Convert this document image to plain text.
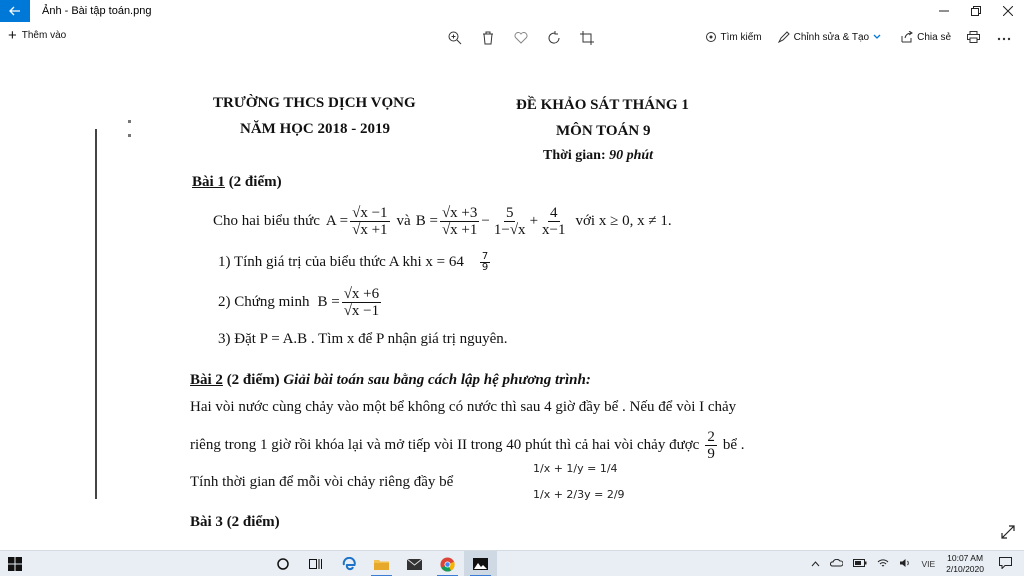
Ảnh - Bài tập toán.png
+ Thêm vào	Tìm kiếm	Chỉnh sửa & Tạo	Chia sẻ
TRƯỜNG THCS DỊCH VỌNG
NĂM HỌC 2018 - 2019
ĐỀ KHẢO SÁT THÁNG 1
MÔN TOÁN 9
Thời gian: 90 phút
Bài 1 (2 điểm)
Cho hai biểu thức $A = \frac{√x -1}{√x +1}$ và $B = \frac{√x +3}{√x +1} - \frac{5}{1-√x} + \frac{4}{x-1}$ với x ≥ 0, x ≠ 1.
1) Tính giá trị của biểu thức A khi $x = 64 \frac{7}{9}$
2) Chứng minh $B = \frac{√x +6}{√x -1}$
3) Đặt P = A.B . Tìm x để P nhận giá trị nguyên.
Bài 2 (2 điểm) Giải bài toán sau bằng cách lập hệ phương trình:
Hai vòi nước cùng chảy vào một bể không có nước thì sau 4 giờ đầy bể . Nếu để vòi I chảy
riêng trong 1 giờ rồi khóa lại và mở tiếp vòi II trong 40 phút thì cả hai vòi chảy được $\frac{2}{9}$ bể .
Tính thời gian để mỗi vòi chảy riêng đầy bể
1/x + 1/y = 1/4
1/x + 2/3y = 2/9
Bài 3 (2 điểm)
VIE
10:07 AM
2/10/2020
